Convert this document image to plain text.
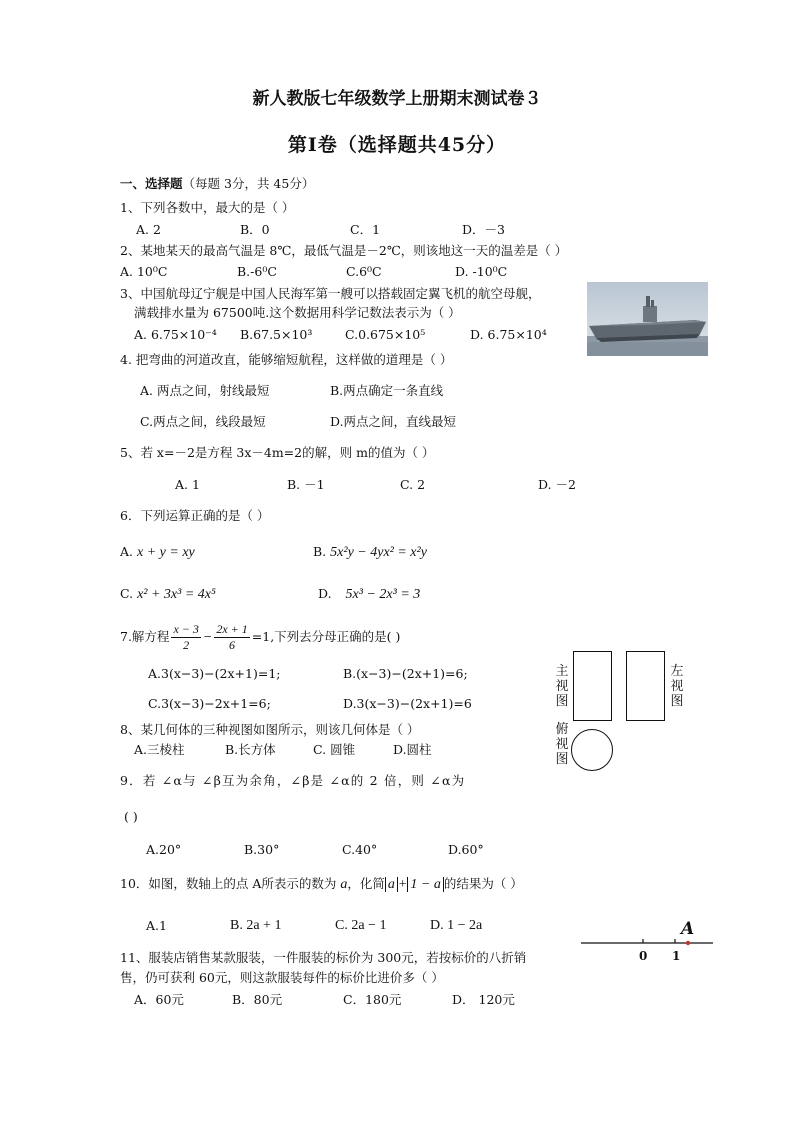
新人教版七年级数学上册期末测试卷３
第Ⅰ卷（选择题共45分）
一、选择题（每题 3分，共 45分）
1、下列各数中，最大的是（ ）
A. 2	B．0	C．1	D．－3
2、某地某天的最高气温是 8℃，最低气温是－2℃，则该地这一天的温差是（ ）
A. 10⁰C	B.-6⁰C	C.6⁰C	D. -10⁰C
3、中国航母辽宁舰是中国人民海军第一艘可以搭载固定翼飞机的航空母舰，
满载排水量为 67500吨.这个数据用科学记数法表示为（ ）
A. 6.75×10⁻⁴ B.67.5×10³	C.0.675×10⁵	D. 6.75×10⁴
4. 把弯曲的河道改直，能够缩短航程，这样做的道理是（ ）
A. 两点之间，射线最短	B.两点确定一条直线
C.两点之间，线段最短	D.两点之间，直线最短
5、若 x=－2是方程 3x－4m=2的解，则 m的值为（ ）
A. 1	B. －1	C. 2	D. －2
6．下列运算正确的是（ ）
A. x + y = xy	B. 5x²y − 4yx² = x²y
C. x² + 3x³ = 4x⁵	D. 5x³ − 2x³ = 3
7.解方程 $\frac{x - 3}{2} - \frac{2x + 1}{6} =1$,下列去分母正确的是( )
A.3(x−3)−(2x+1)=1;	B.(x−3)−(2x+1)=6;
C.3(x−3)−2x+1=6;	D.3(x−3)−(2x+1)=6
8、某几何体的三种视图如图所示，则该几何体是（ ）
A.三棱柱	B.长方体	C. 圆锥	D.圆柱
主视图
左视图
俯视图
9．若 ∠α与 ∠β互为余角，∠β是 ∠α的 2 倍，则 ∠α为
( )
A.20°	B.30°	C.40°	D.60°
10．如图，数轴上的点 A所表示的数为 a，化简 a + 1 − a 的结果为（ ）
A.1	B. 2a + 1	C. 2a − 1	D. 1 − 2a
0 1
A
11、服装店销售某款服装，一件服装的标价为 300元，若按标价的八折销
售，仍可获利 60元，则这款服装每件的标价比进价多（ ）
A．60元	B．80元	C．180元	D． 120元
